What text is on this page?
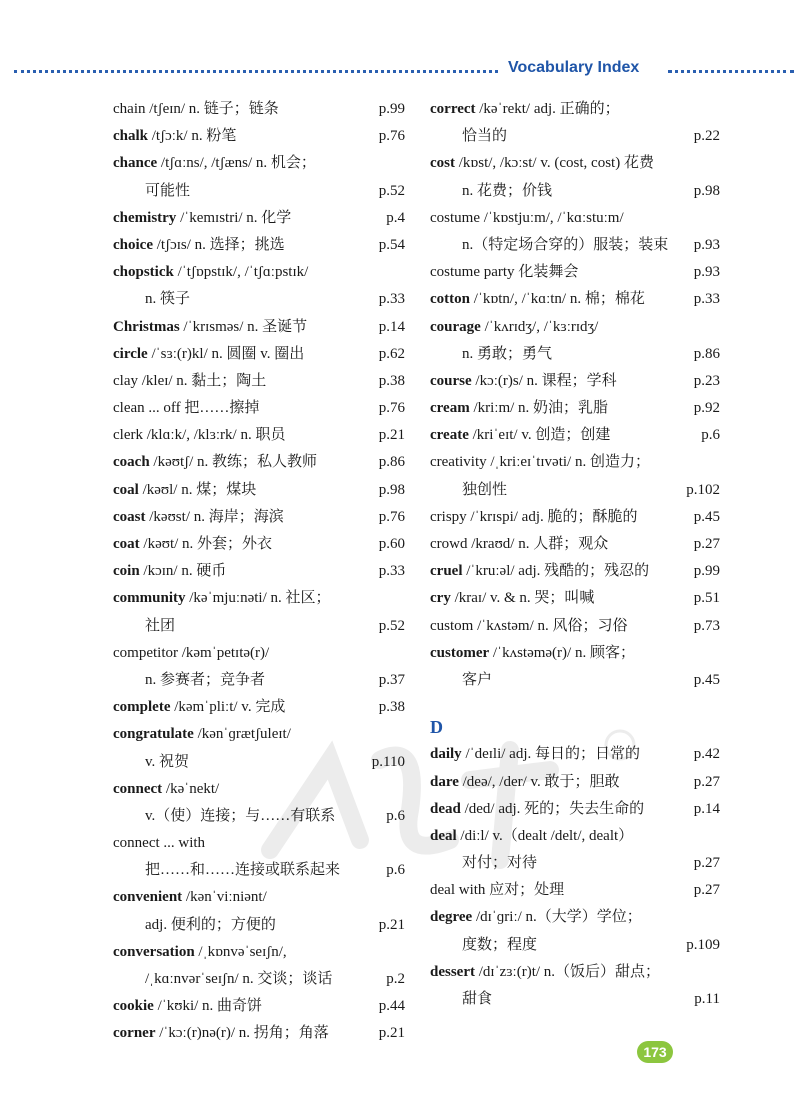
Vocabulary Index
chain /tʃeɪn/ n. 链子；链条	p.99
chalk /tʃɔːk/ n. 粉笔	p.76
chance /tʃɑːns/, /tʃæns/ n. 机会；
可能性	p.52
chemistry /ˈkemɪstri/ n. 化学	p.4
choice /tʃɔɪs/ n. 选择；挑选	p.54
chopstick /ˈtʃɒpstɪk/, /ˈtʃɑːpstɪk/
n. 筷子	p.33
Christmas /ˈkrɪsməs/ n. 圣诞节	p.14
circle /ˈsɜː(r)kl/ n. 圆圈 v. 圈出	p.62
clay /kleɪ/ n. 黏土；陶土	p.38
clean ... off 把……擦掉	p.76
clerk /klɑːk/, /klɜːrk/ n. 职员	p.21
coach /kəʊtʃ/ n. 教练；私人教师	p.86
coal /kəʊl/ n. 煤；煤块	p.98
coast /kəʊst/ n. 海岸；海滨	p.76
coat /kəʊt/ n. 外套；外衣	p.60
coin /kɔɪn/ n. 硬币	p.33
community /kəˈmjuːnəti/ n. 社区；
社团	p.52
competitor /kəmˈpetɪtə(r)/
n. 参赛者；竞争者	p.37
complete /kəmˈpliːt/ v. 完成	p.38
congratulate /kənˈɡrætʃuleɪt/
v. 祝贺	p.110
connect /kəˈnekt/
v.（使）连接；与……有联系	p.6
connect ... with
把……和……连接或联系起来	p.6
convenient /kənˈviːniənt/
adj. 便利的；方便的	p.21
conversation /ˌkɒnvəˈseɪʃn/,
/ˌkɑːnvərˈseɪʃn/ n. 交谈；谈话	p.2
cookie /ˈkʊki/ n. 曲奇饼	p.44
corner /ˈkɔː(r)nə(r)/ n. 拐角；角落	p.21
correct /kəˈrekt/ adj. 正确的；
恰当的	p.22
cost /kɒst/, /kɔːst/ v. (cost, cost) 花费
n. 花费；价钱	p.98
costume /ˈkɒstjuːm/, /ˈkɑːstuːm/
n.（特定场合穿的）服装；装束 p.93
costume party 化装舞会	p.93
cotton /ˈkɒtn/, /ˈkɑːtn/ n. 棉；棉花	p.33
courage /ˈkʌrɪdʒ/, /ˈkɜːrɪdʒ/
n. 勇敢；勇气	p.86
course /kɔː(r)s/ n. 课程；学科	p.23
cream /kriːm/ n. 奶油；乳脂	p.92
create /kriˈeɪt/ v. 创造；创建	p.6
creativity /ˌkriːeɪˈtɪvəti/ n. 创造力；
独创性	p.102
crispy /ˈkrɪspi/ adj. 脆的；酥脆的	p.45
crowd /kraʊd/ n. 人群；观众	p.27
cruel /ˈkruːəl/ adj. 残酷的；残忍的	p.99
cry /kraɪ/ v. & n. 哭；叫喊	p.51
custom /ˈkʌstəm/ n. 风俗；习俗	p.73
customer /ˈkʌstəmə(r)/ n. 顾客；
客户	p.45
D
daily /ˈdeɪli/ adj. 每日的；日常的	p.42
dare /deə/, /der/ v. 敢于；胆敢	p.27
dead /ded/ adj. 死的；失去生命的	p.14
deal /diːl/ v.（dealt /delt/, dealt）
对付；对待	p.27
deal with 应对；处理	p.27
degree /dɪˈɡriː/ n.（大学）学位；
度数；程度	p.109
dessert /dɪˈzɜː(r)t/ n.（饭后）甜点；
甜食	p.11
173
